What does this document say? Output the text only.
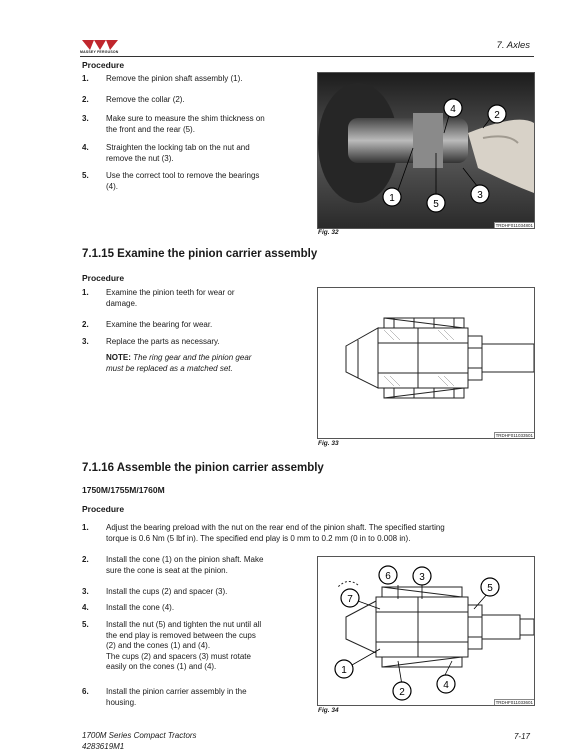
MASSEY FERGUSON
7. Axles
Procedure
1. Remove the pinion shaft assembly (1).
2. Remove the collar (2).
3. Make sure to measure the shim thickness on
the front and the rear (5).
4. Straighten the locking tab on the nut and
remove the nut (3).
5. Use the correct tool to remove the bearings
(4).
1
2
3
4
5
TRDHF011034801
Fig. 32
7.1.15 Examine the pinion carrier assembly
Procedure
1. Examine the pinion teeth for wear or
damage.
2. Examine the bearing for wear.
3. Replace the parts as necessary.
NOTE: The ring gear and the pinion gear
must be replaced as a matched set.
TRDHF011033501
Fig. 33
7.1.16 Assemble the pinion carrier assembly
1750M/1755M/1760M
Procedure
1. Adjust the bearing preload with the nut on the rear end of the pinion shaft. The specified starting
torque is 0.6 Nm (5 lbf in). The specified end play is 0 mm to 0.2 mm (0 in to 0.008 in).
2. Install the cone (1) on the pinion shaft. Make
sure the cone is seat at the pinion.
3. Install the cups (2) and spacer (3).
4. Install the cone (4).
5. Install the nut (5) and tighten the nut until all
the end play is removed between the cups
(2) and the cones (1) and (4).
The cups (2) and spacers (3) must rotate
easily on the cones (1) and (4).
6. Install the pinion carrier assembly in the
housing.
6	3
7
5
1
2
4
TRDHF011033601
Fig. 34
1700M Series Compact Tractors
4283619M1
7-17
